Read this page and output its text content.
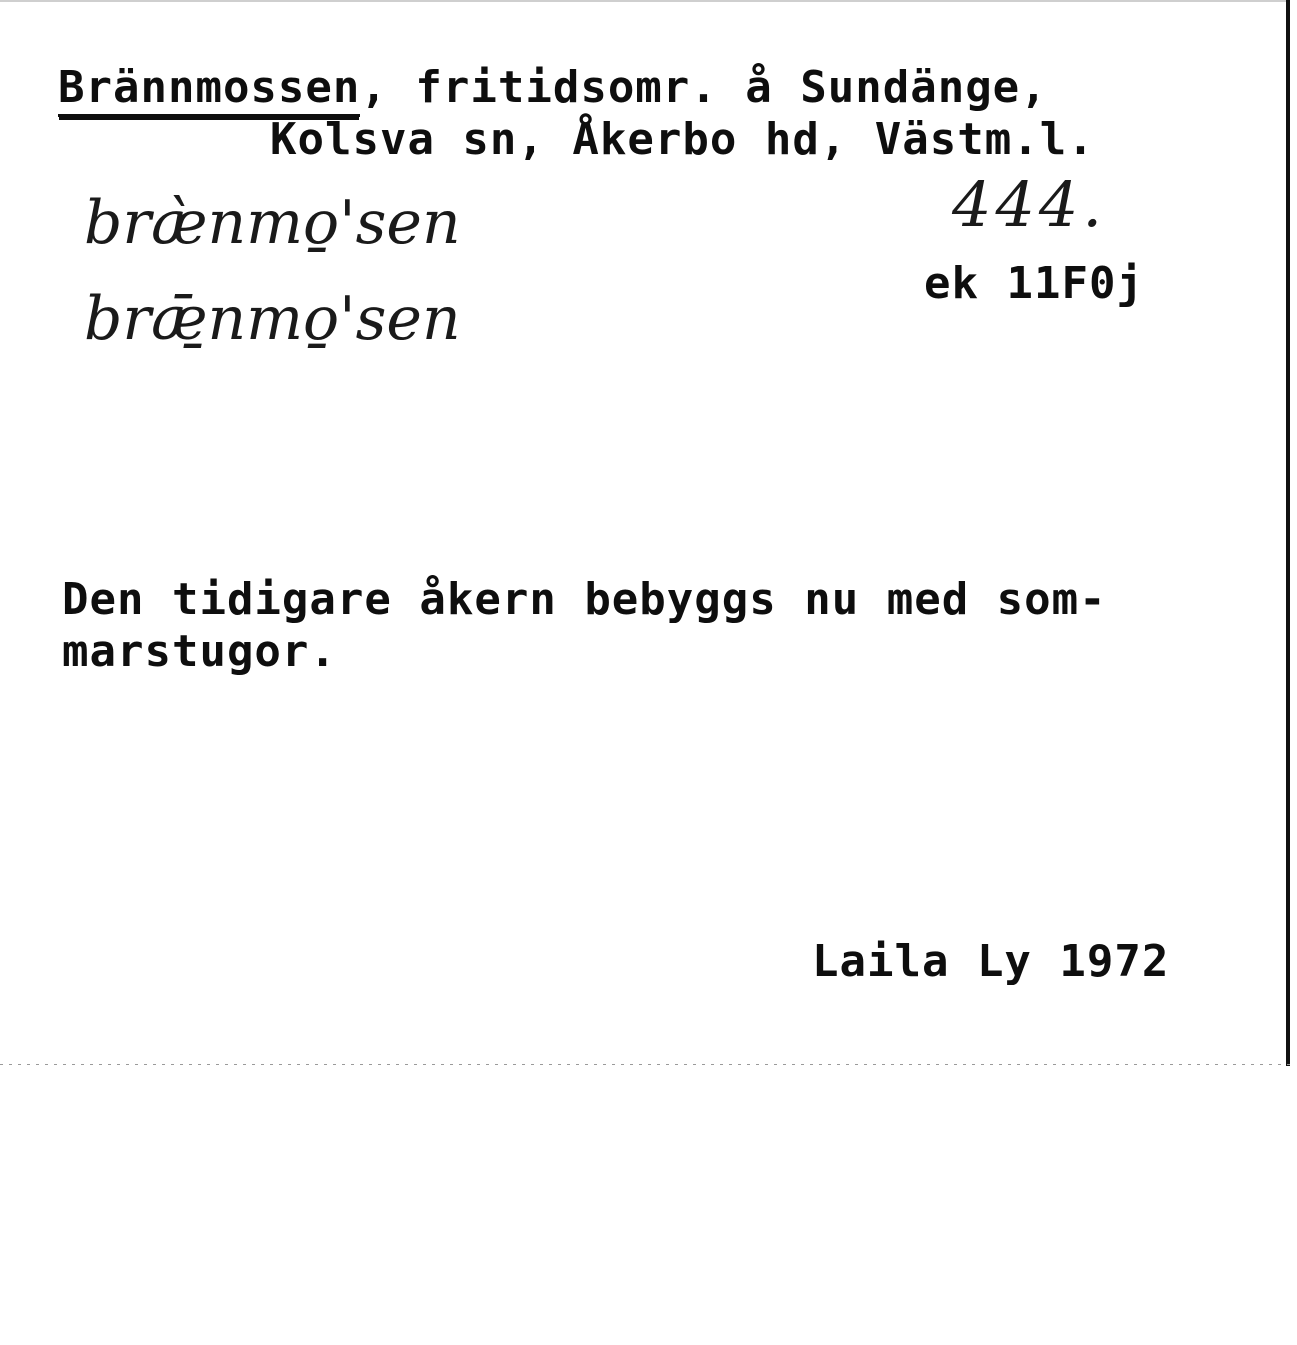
Brännmossen, fritidsomr. å Sundänge,
Kolsva sn, Åkerbo hd, Västm.l.
bræ̀nmo̱'sen
brǣ̱nmo̱'sen
444.
ek 11F0j
Den tidigare åkern bebyggs nu med som-
marstugor.
Laila Ly 1972
